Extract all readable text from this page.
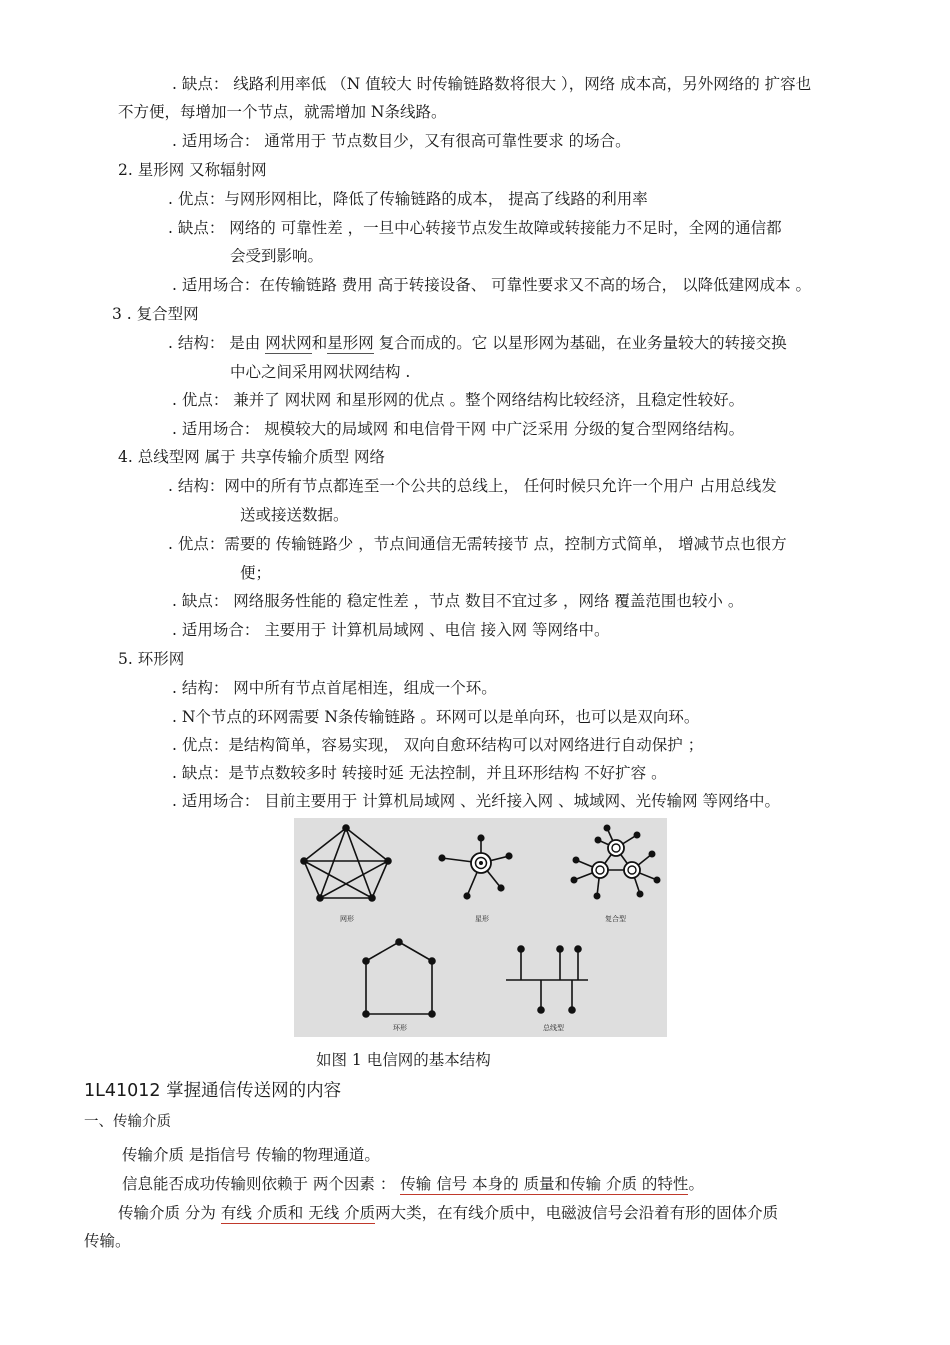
. 缺点： 线路利用率低 （N 值较大 时传输链路数将很大 ），网络 成本高，另外网络的 扩容也
不方便，每增加一个节点，就需增加 N条线路。
. 适用场合： 通常用于 节点数目少，又有很高可靠性要求 的场合。
2. 星形网 又称辐射网
. 优点：与网形网相比，降低了传输链路的成本， 提高了线路的利用率
. 缺点： 网络的 可靠性差 ，一旦中心转接节点发生故障或转接能力不足时，全网的通信都
会受到影响。
. 适用场合：在传输链路 费用 高于转接设备、 可靠性要求又不高的场合， 以降低建网成本 。
3 . 复合型网
. 结构： 是由 网状网和星形网 复合而成的。它 以星形网为基础，在业务量较大的转接交换
中心之间采用网状网结构 .
. 优点： 兼并了 网状网 和星形网的优点 。整个网络结构比较经济，且稳定性较好。
. 适用场合： 规模较大的局域网 和电信骨干网 中广泛采用 分级的复合型网络结构。
4. 总线型网 属于 共享传输介质型 网络
. 结构：网中的所有节点都连至一个公共的总线上， 任何时候只允许一个用户 占用总线发
送或接送数据。
. 优点：需要的 传输链路少 ，节点间通信无需转接节 点，控制方式简单， 增减节点也很方
便；
. 缺点： 网络服务性能的 稳定性差 ，节点 数目不宜过多 ，网络 覆盖范围也较小 。
. 适用场合： 主要用于 计算机局域网 、电信 接入网 等网络中。
5. 环形网
. 结构： 网中所有节点首尾相连，组成一个环。
. N个节点的环网需要 N条传输链路 。环网可以是单向环，也可以是双向环。
. 优点：是结构简单，容易实现， 双向自愈环结构可以对网络进行自动保护 ；
. 缺点：是节点数较多时 转接时延 无法控制，并且环形结构 不好扩容 。
. 适用场合： 目前主要用于 计算机局域网 、光纤接入网 、城域网、光传输网 等网络中。
网形	星形	复合型
环形	总线型
如图 1 电信网的基本结构
1L41012 掌握通信传送网的内容
一、传输介质
传输介质 是指信号 传输的物理通道。
信息能否成功传输则依赖于 两个因素 ： 传输 信号 本身的 质量和传输 介质 的特性。
传输介质 分为 有线 介质和 无线 介质两大类，在有线介质中，电磁波信号会沿着有形的固体介质
传输。
